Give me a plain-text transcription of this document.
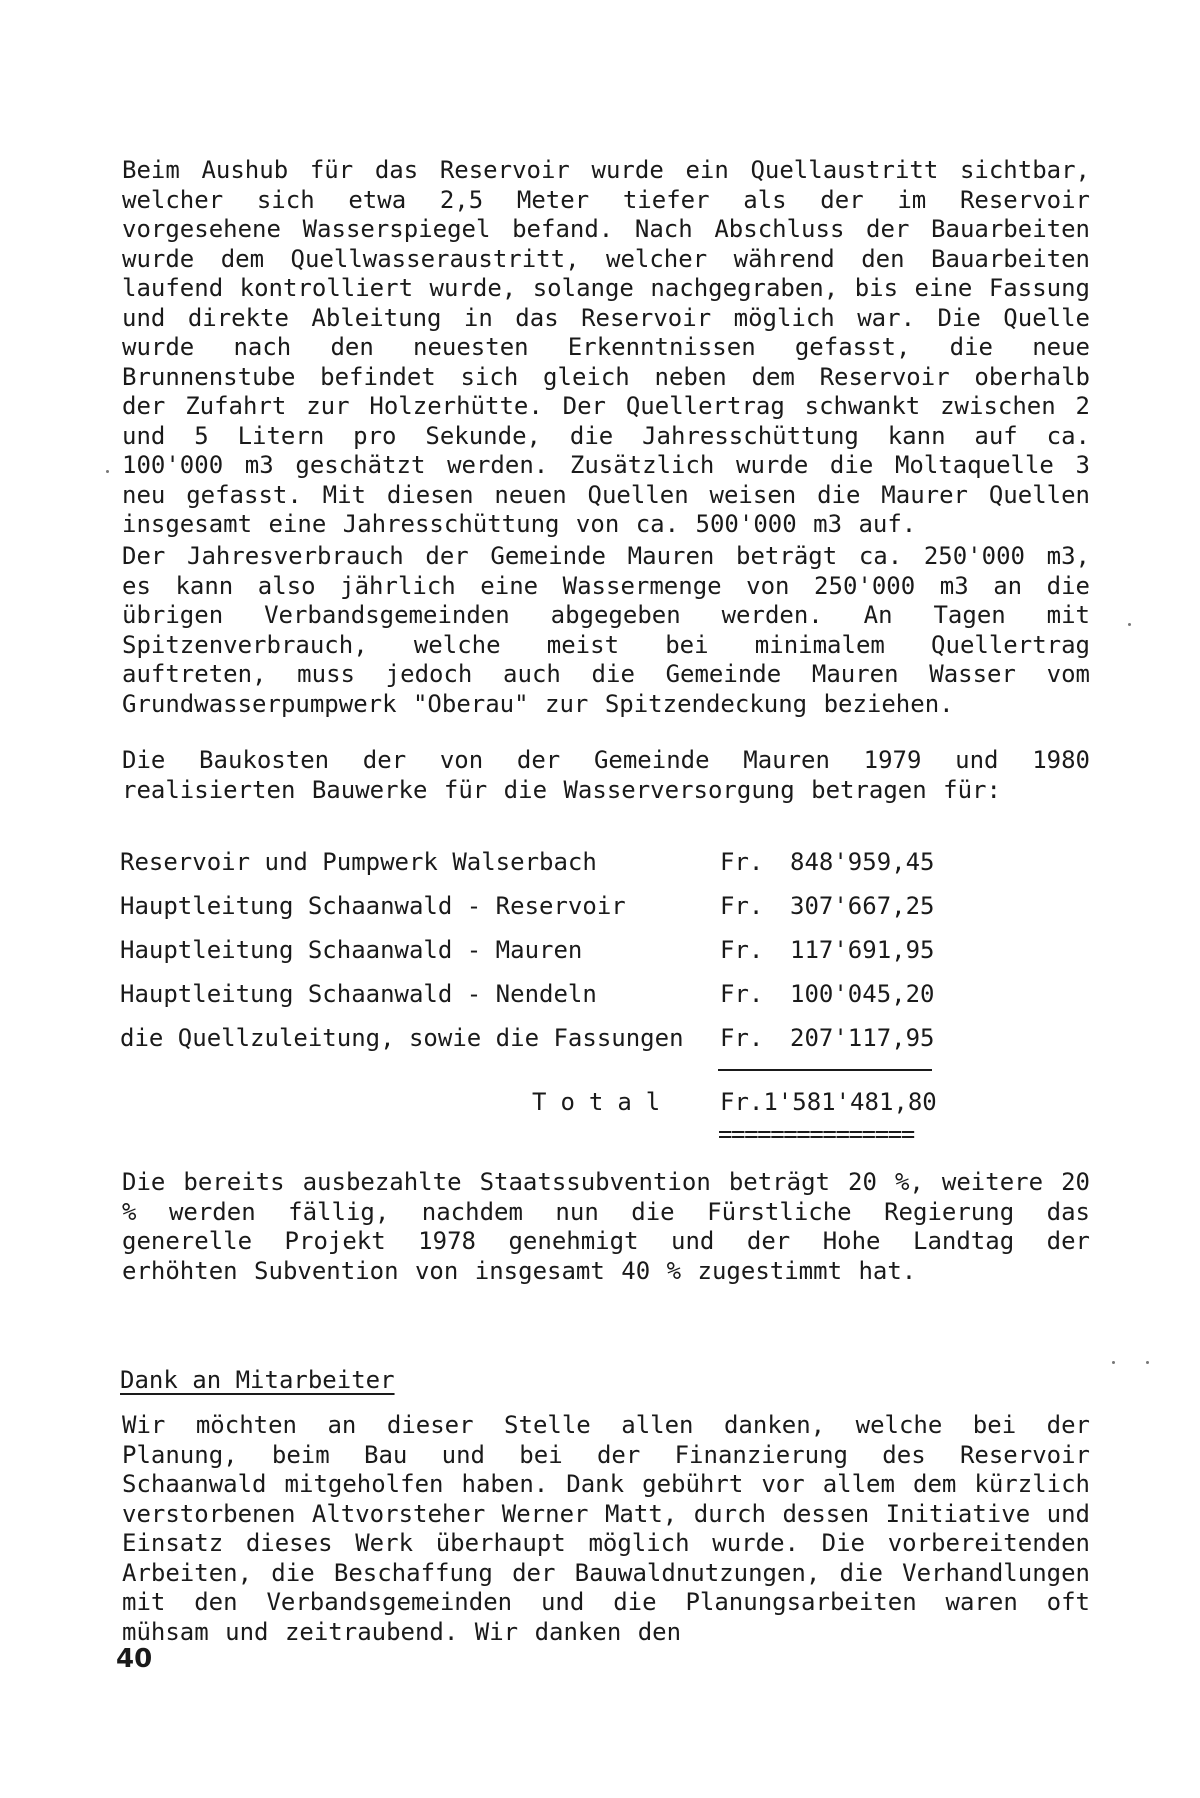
Beim Aushub für das Reservoir wurde ein Quellaustritt sichtbar, welcher sich etwa 2,5 Meter tiefer als der im Reservoir vorgesehene Wasserspiegel befand. Nach Abschluss der Bauarbeiten wurde dem Quellwasseraustritt, welcher während den Bauarbeiten laufend kontrolliert wurde, solange nachgegraben, bis eine Fassung und direkte Ableitung in das Reservoir möglich war. Die Quelle wurde nach den neuesten Erkenntnissen gefasst, die neue Brunnenstube befindet sich gleich neben dem Reservoir oberhalb der Zufahrt zur Holzerhütte. Der Quellertrag schwankt zwischen 2 und 5 Litern pro Sekunde, die Jahresschüttung kann auf ca. 100'000 m3 geschätzt werden. Zusätzlich wurde die Moltaquelle 3 neu gefasst. Mit diesen neuen Quellen weisen die Maurer Quellen insgesamt eine Jahresschüttung von ca. 500'000 m3 auf.

Der Jahresverbrauch der Gemeinde Mauren beträgt ca. 250'000 m3, es kann also jährlich eine Wassermenge von 250'000 m3 an die übrigen Verbandsgemeinden abgegeben werden. An Tagen mit Spitzenverbrauch, welche meist bei minimalem Quellertrag auftreten, muss jedoch auch die Gemeinde Mauren Wasser vom Grundwasserpumpwerk "Oberau" zur Spitzendeckung beziehen.

Die Baukosten der von der Gemeinde Mauren 1979 und 1980 realisierten Bauwerke für die Wasserversorgung betragen für:

Reservoir und Pumpwerk Walserbach	Fr. 848'959,45
Hauptleitung Schaanwald - Reservoir	Fr. 307'667,25
Hauptleitung Schaanwald - Mauren	Fr. 117'691,95
Hauptleitung Schaanwald - Nendeln	Fr. 100'045,20
die Quellzuleitung, sowie die Fassungen Fr. 207'117,95
Total Fr.1'581'481,80
===============

Die bereits ausbezahlte Staatssubvention beträgt 20 %, weitere 20 % werden fällig, nachdem nun die Fürstliche Regierung das generelle Projekt 1978 genehmigt und der Hohe Landtag der erhöhten Subvention von insgesamt 40 % zugestimmt hat.

Dank an Mitarbeiter

Wir möchten an dieser Stelle allen danken, welche bei der Planung, beim Bau und bei der Finanzierung des Reservoir Schaanwald mitgeholfen haben. Dank gebührt vor allem dem kürzlich verstorbenen Altvorsteher Werner Matt, durch dessen Initiative und Einsatz dieses Werk überhaupt möglich wurde. Die vorbereitenden Arbeiten, die Beschaffung der Bauwaldnutzungen, die Verhandlungen mit den Verbandsgemeinden und die Planungsarbeiten waren oft mühsam und zeitraubend. Wir danken den

40
